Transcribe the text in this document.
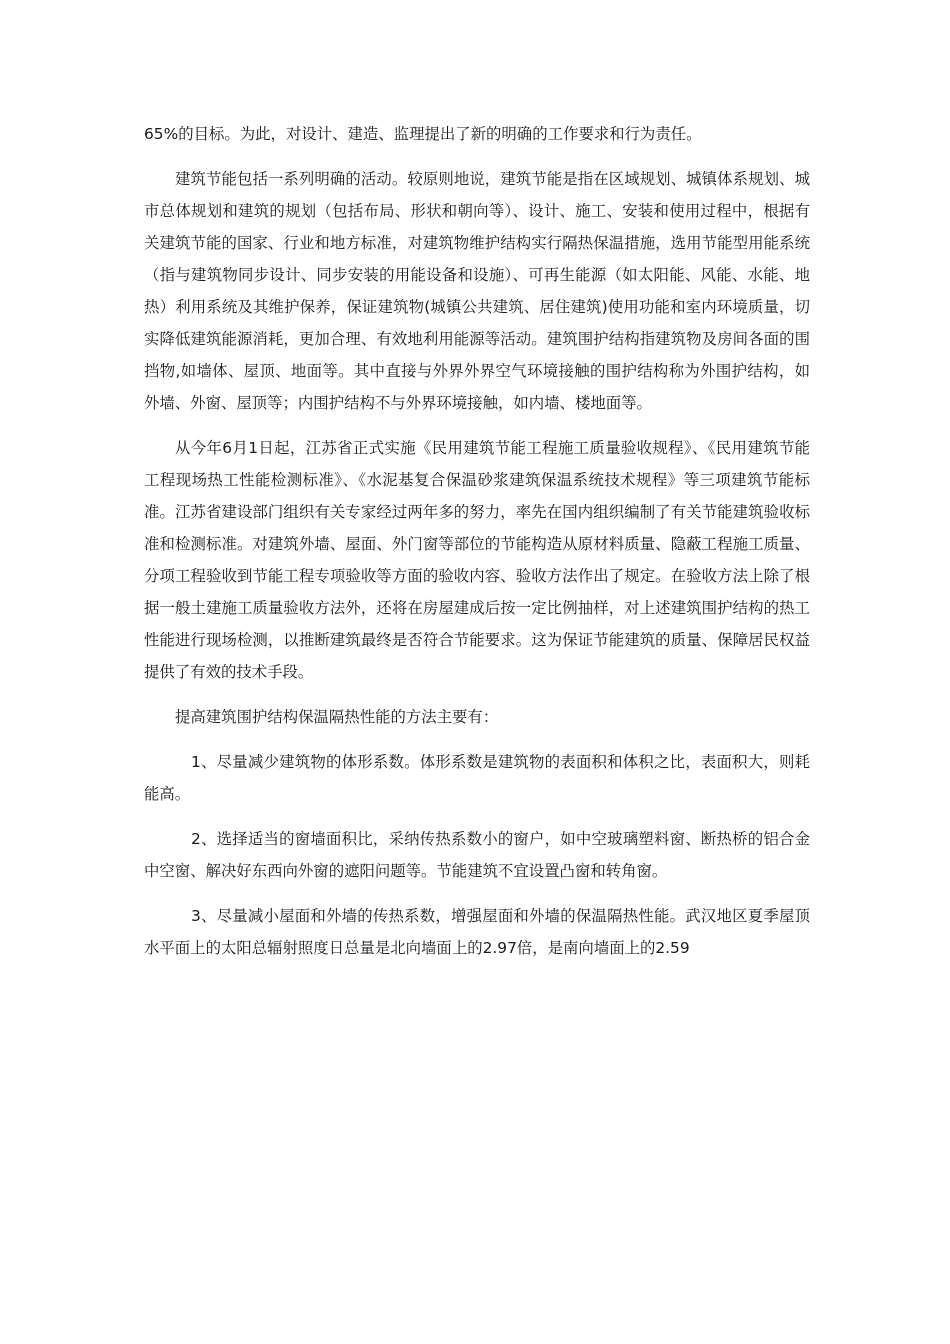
65%的目标。为此，对设计、建造、监理提出了新的明确的工作要求和行为责任。

建筑节能包括一系列明确的活动。较原则地说，建筑节能是指在区域规划、城镇体系规划、城市总体规划和建筑的规划（包括布局、形状和朝向等）、设计、施工、安装和使用过程中，根据有关建筑节能的国家、行业和地方标准，对建筑物维护结构实行隔热保温措施，选用节能型用能系统（指与建筑物同步设计、同步安装的用能设备和设施）、可再生能源（如太阳能、风能、水能、地热）利用系统及其维护保养，保证建筑物(城镇公共建筑、居住建筑)使用功能和室内环境质量，切实降低建筑能源消耗，更加合理、有效地利用能源等活动。建筑围护结构指建筑物及房间各面的围挡物,如墙体、屋顶、地面等。其中直接与外界外界空气环境接触的围护结构称为外围护结构，如外墙、外窗、屋顶等；内围护结构不与外界环境接触，如内墙、楼地面等。

从今年6月1日起，江苏省正式实施《民用建筑节能工程施工质量验收规程》、《民用建筑节能工程现场热工性能检测标准》、《水泥基复合保温砂浆建筑保温系统技术规程》等三项建筑节能标准。江苏省建设部门组织有关专家经过两年多的努力，率先在国内组织编制了有关节能建筑验收标准和检测标准。对建筑外墙、屋面、外门窗等部位的节能构造从原材料质量、隐蔽工程施工质量、分项工程验收到节能工程专项验收等方面的验收内容、验收方法作出了规定。在验收方法上除了根据一般土建施工质量验收方法外，还将在房屋建成后按一定比例抽样，对上述建筑围护结构的热工性能进行现场检测，以推断建筑最终是否符合节能要求。这为保证节能建筑的质量、保障居民权益提供了有效的技术手段。

提高建筑围护结构保温隔热性能的方法主要有：

1、尽量减少建筑物的体形系数。体形系数是建筑物的表面积和体积之比，表面积大，则耗能高。

2、选择适当的窗墙面积比，采纳传热系数小的窗户，如中空玻璃塑料窗、断热桥的铝合金中空窗、解决好东西向外窗的遮阳问题等。节能建筑不宜设置凸窗和转角窗。

3、尽量减小屋面和外墙的传热系数，增强屋面和外墙的保温隔热性能。武汉地区夏季屋顶水平面上的太阳总辐射照度日总量是北向墙面上的2.97倍，是南向墙面上的2.59
